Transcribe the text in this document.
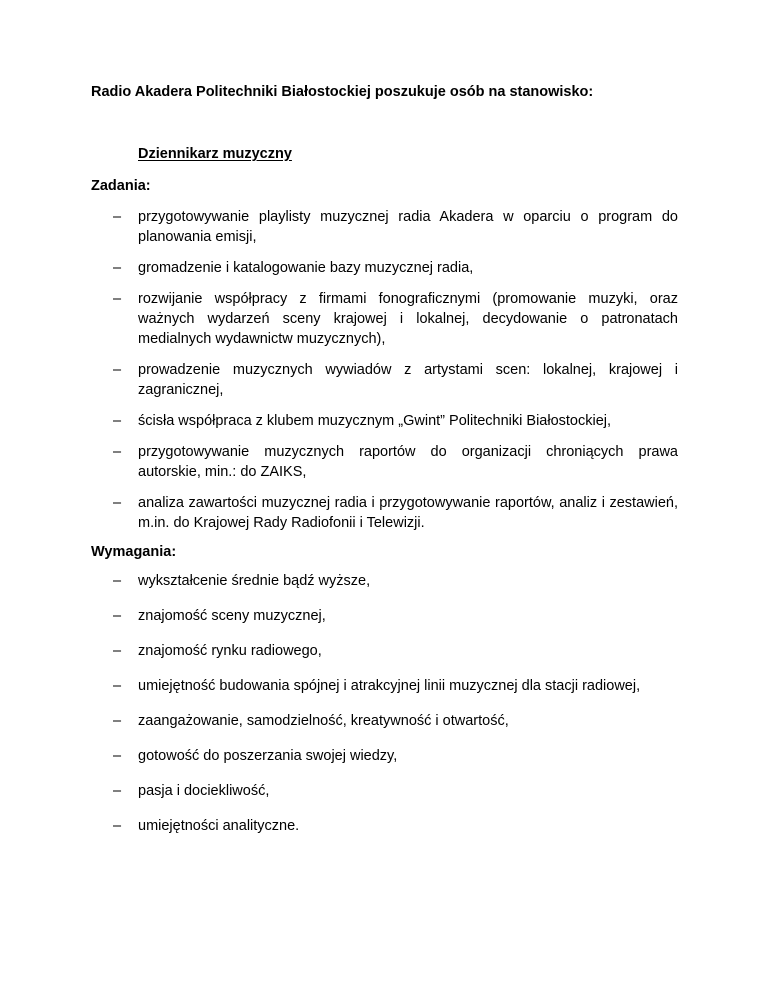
Radio Akadera Politechniki Białostockiej poszukuje osób na stanowisko:
Dziennikarz muzyczny

Zadania:

– przygotowywanie playlisty muzycznej radia Akadera w oparciu o program do planowania emisji,
– gromadzenie i katalogowanie bazy muzycznej radia,
– rozwijanie współpracy z firmami fonograficznymi (promowanie muzyki, oraz ważnych wydarzeń sceny krajowej i lokalnej, decydowanie o patronatach medialnych wydawnictw muzycznych),
– prowadzenie muzycznych wywiadów z artystami scen: lokalnej, krajowej i zagranicznej,
– ścisła współpraca z klubem muzycznym „Gwint” Politechniki Białostockiej,
– przygotowywanie muzycznych raportów do organizacji chroniących prawa autorskie, min.: do ZAIKS,
– analiza zawartości muzycznej radia i przygotowywanie raportów, analiz i zestawień, m.in. do Krajowej Rady Radiofonii i Telewizji.

Wymagania:

– wykształcenie średnie bądź wyższe,
– znajomość sceny muzycznej,
– znajomość rynku radiowego,
– umiejętność budowania spójnej i atrakcyjnej linii muzycznej dla stacji radiowej,
– zaangażowanie, samodzielność, kreatywność i otwartość,
– gotowość do poszerzania swojej wiedzy,
– pasja i dociekliwość,
– umiejętności analityczne.
